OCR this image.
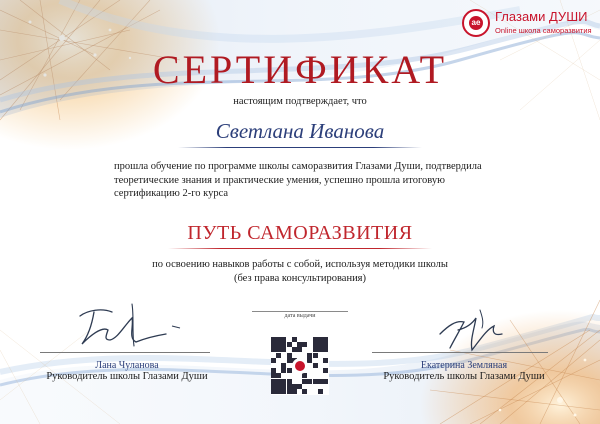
ae Глазами ДУШИ
Online школа саморазвития
СЕРТИФИКАТ
настоящим подтверждает, что
Светлана Иванова
прошла обучение по программе школы саморазвития Глазами Души, подтвердила
теоретические знания и практические умения, успешно прошла итоговую
сертификацию 2-го курса
ПУТЬ САМОРАЗВИТИЯ
по освоению навыков работы с собой, используя методики школы
(без права консультирования)
Лана Чуланова
Руководитель школы Глазами Души
дата выдачи
Екатерина Земляная
Руководитель школы Глазами Души
